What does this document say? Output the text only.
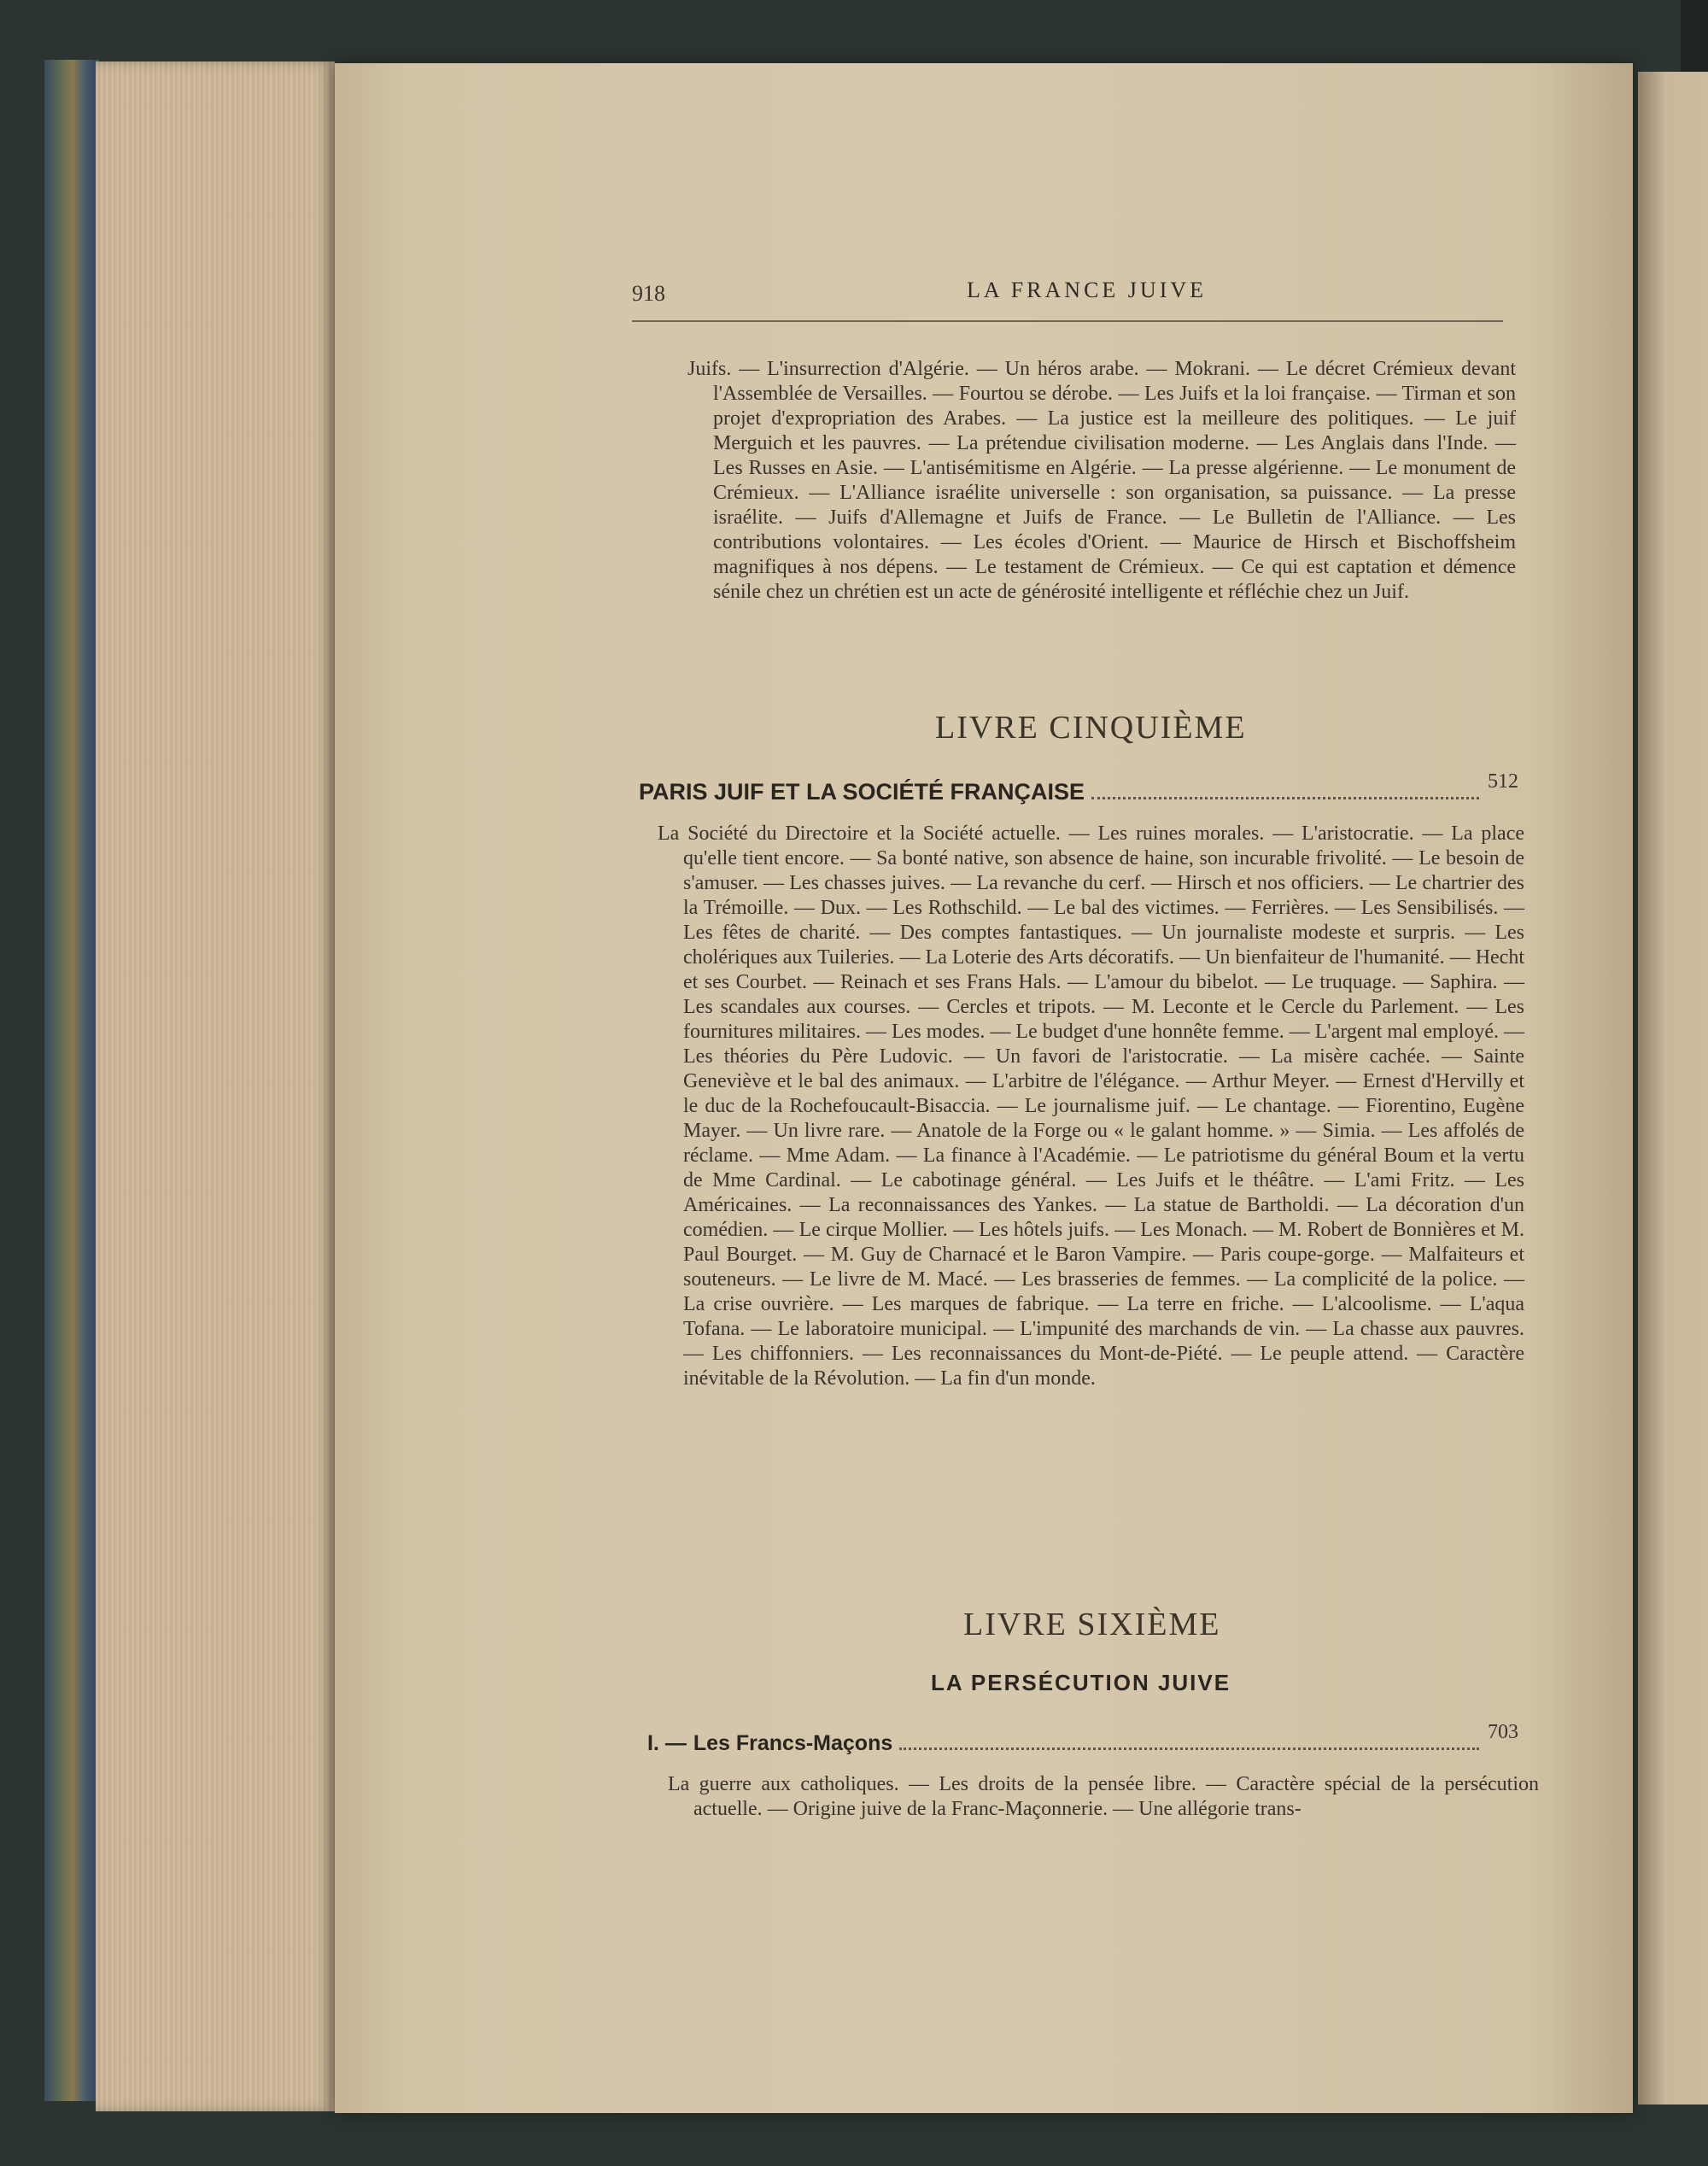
918	LA FRANCE JUIVE
Juifs. — L'insurrection d'Algérie. — Un héros arabe. — Mokrani. — Le décret Crémieux devant l'Assemblée de Versailles. — Fourtou se dérobe. — Les Juifs et la loi française. — Tirman et son projet d'expropriation des Arabes. — La justice est la meilleure des politiques. — Le juif Merguich et les pauvres. — La prétendue civilisation moderne. — Les Anglais dans l'Inde. — Les Russes en Asie. — L'antisémitisme en Algérie. — La presse algérienne. — Le monument de Crémieux. — L'Alliance israélite universelle : son organisation, sa puissance. — La presse israélite. — Juifs d'Allemagne et Juifs de France. — Le Bulletin de l'Alliance. — Les contributions volontaires. — Les écoles d'Orient. — Maurice de Hirsch et Bischoffsheim magnifiques à nos dépens. — Le testament de Crémieux. — Ce qui est captation et démence sénile chez un chrétien est un acte de générosité intelligente et réfléchie chez un Juif.
LIVRE CINQUIÈME
PARIS JUIF ET LA SOCIÉTÉ FRANÇAISE	512
La Société du Directoire et la Société actuelle. — Les ruines morales. — L'aristocratie. — La place qu'elle tient encore. — Sa bonté native, son absence de haine, son incurable frivolité. — Le besoin de s'amuser. — Les chasses juives. — La revanche du cerf. — Hirsch et nos officiers. — Le chartrier des la Trémoille. — Dux. — Les Rothschild. — Le bal des victimes. — Ferrières. — Les Sensibilisés. — Les fêtes de charité. — Des comptes fantastiques. — Un journaliste modeste et surpris. — Les cholériques aux Tuileries. — La Loterie des Arts décoratifs. — Un bienfaiteur de l'humanité. — Hecht et ses Courbet. — Reinach et ses Frans Hals. — L'amour du bibelot. — Le truquage. — Saphira. — Les scandales aux courses. — Cercles et tripots. — M. Leconte et le Cercle du Parlement. — Les fournitures militaires. — Les modes. — Le budget d'une honnête femme. — L'argent mal employé. — Les théories du Père Ludovic. — Un favori de l'aristocratie. — La misère cachée. — Sainte Geneviève et le bal des animaux. — L'arbitre de l'élégance. — Arthur Meyer. — Ernest d'Hervilly et le duc de la Rochefoucault-Bisaccia. — Le journalisme juif. — Le chantage. — Fiorentino, Eugène Mayer. — Un livre rare. — Anatole de la Forge ou « le galant homme. » — Simia. — Les affolés de réclame. — Mme Adam. — La finance à l'Académie. — Le patriotisme du général Boum et la vertu de Mme Cardinal. — Le cabotinage général. — Les Juifs et le théâtre. — L'ami Fritz. — Les Américaines. — La reconnaissances des Yankes. — La statue de Bartholdi. — La décoration d'un comédien. — Le cirque Mollier. — Les hôtels juifs. — Les Monach. — M. Robert de Bonnières et M. Paul Bourget. — M. Guy de Charnacé et le Baron Vampire. — Paris coupe-gorge. — Malfaiteurs et souteneurs. — Le livre de M. Macé. — Les brasseries de femmes. — La complicité de la police. — La crise ouvrière. — Les marques de fabrique. — La terre en friche. — L'alcoolisme. — L'aqua Tofana. — Le laboratoire municipal. — L'impunité des marchands de vin. — La chasse aux pauvres. — Les chiffonniers. — Les reconnaissances du Mont-de-Piété. — Le peuple attend. — Caractère inévitable de la Révolution. — La fin d'un monde.
LIVRE SIXIÈME
LA PERSÉCUTION JUIVE
I. — Les Francs-Maçons	703
La guerre aux catholiques. — Les droits de la pensée libre. — Caractère spécial de la persécution actuelle. — Origine juive de la Franc-Maçonnerie. — Une allégorie trans-
